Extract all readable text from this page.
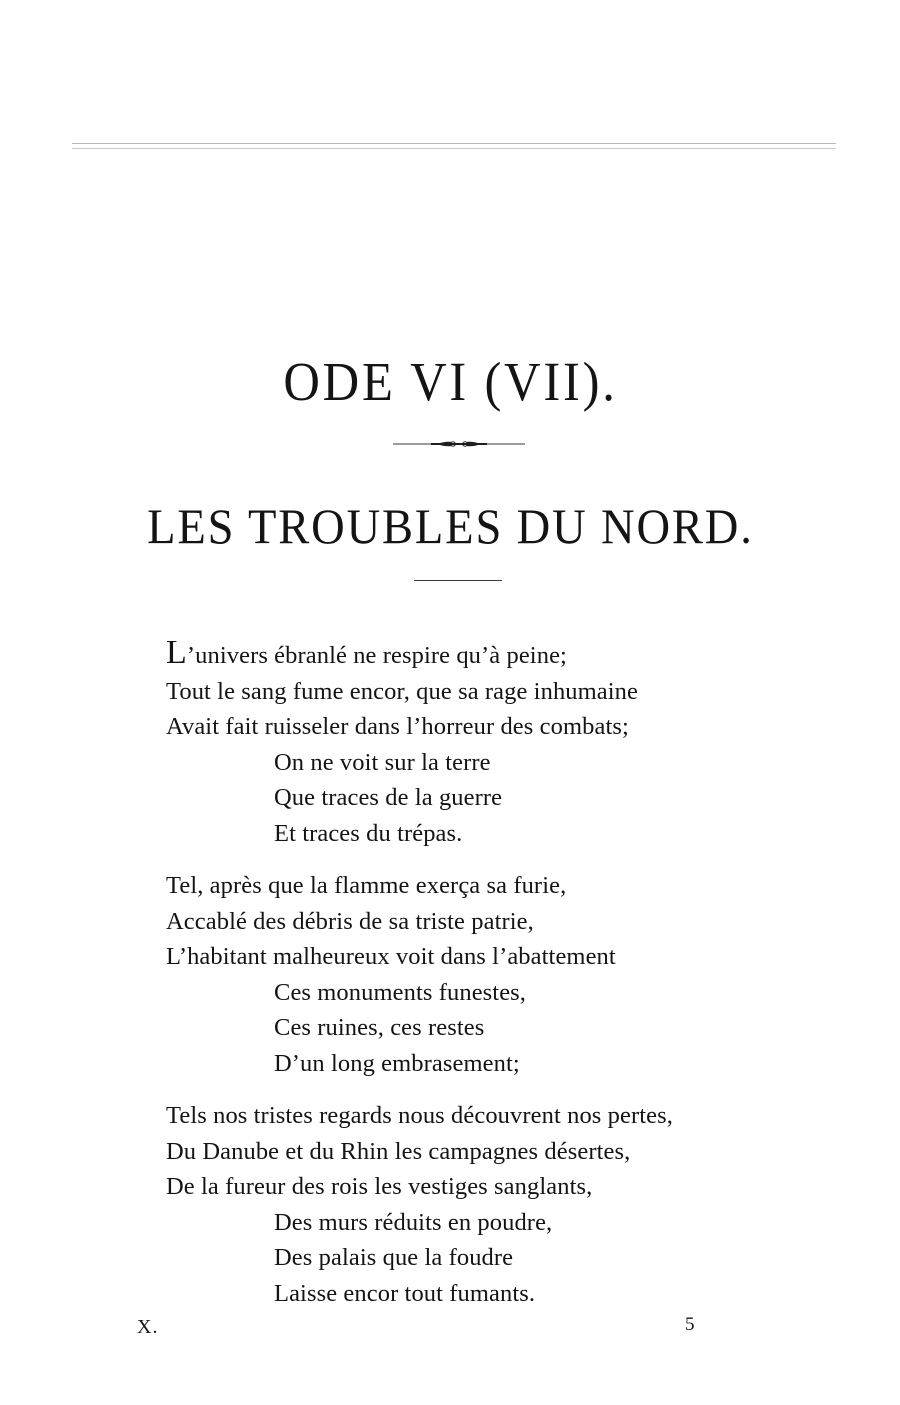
ODE VI (VII).
LES TROUBLES DU NORD.
L’univers ébranlé ne respire qu’à peine;
Tout le sang fume encor, que sa rage inhumaine
Avait fait ruisseler dans l’horreur des combats;
On ne voit sur la terre
Que traces de la guerre
Et traces du trépas.
Tel, après que la flamme exerça sa furie,
Accablé des débris de sa triste patrie,
L’habitant malheureux voit dans l’abattement
Ces monuments funestes,
Ces ruines, ces restes
D’un long embrasement;
Tels nos tristes regards nous découvrent nos pertes,
Du Danube et du Rhin les campagnes désertes,
De la fureur des rois les vestiges sanglants,
Des murs réduits en poudre,
Des palais que la foudre
Laisse encor tout fumants.
X.	5
